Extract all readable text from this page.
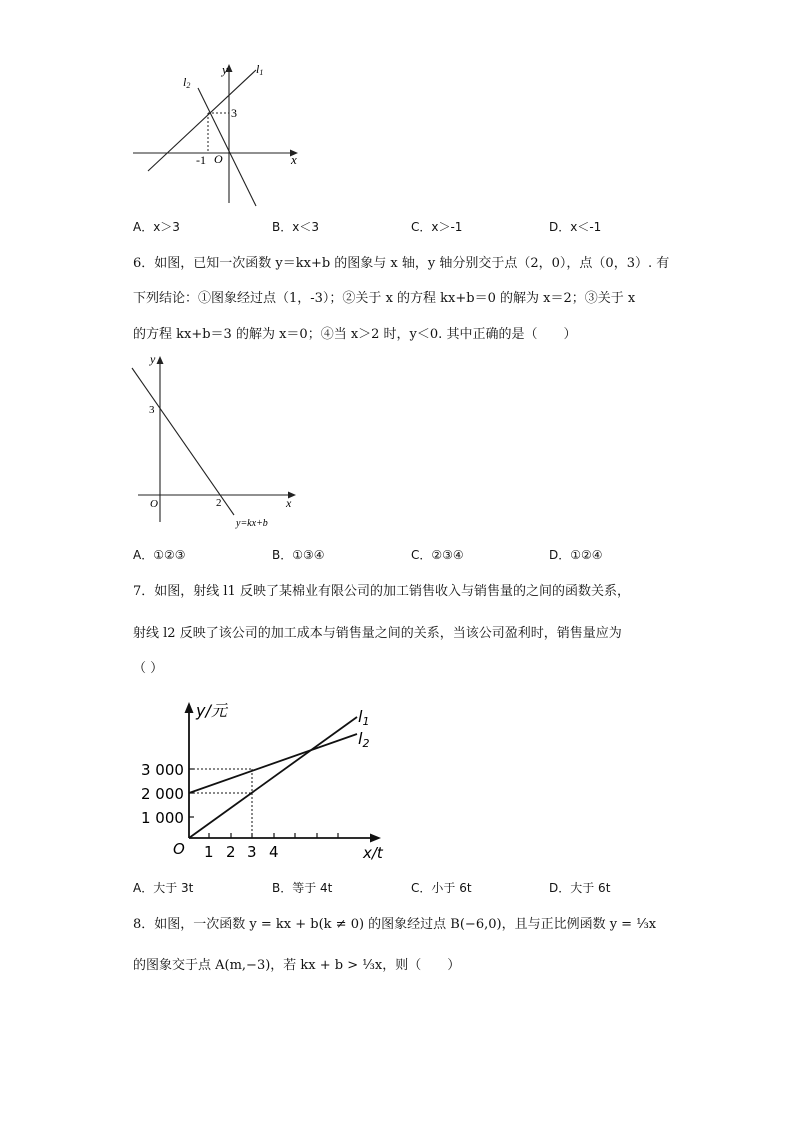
x
y
O
-1
3
l1
l2
A．x＞3	B．x＜3	C．x＞-1	D．x＜-1
6．如图，已知一次函数 y＝kx+b 的图象与 x 轴，y 轴分别交于点（2，0），点（0，3）. 有
下列结论：①图象经过点（1，-3）；②关于 x 的方程 kx+b＝0 的解为 x＝2；③关于 x
的方程 kx+b＝3 的解为 x＝0；④当 x＞2 时，y＜0. 其中正确的是（　　）
x
y
O	2
3
y=kx+b
A．①②③	B．①③④	C．②③④	D．①②④
7．如图，射线 l1 反映了某棉业有限公司的加工销售收入与销售量的之间的函数关系，
射线 l2 反映了该公司的加工成本与销售量之间的关系，当该公司盈利时，销售量应为
（ ）
y/元
x/t
O
3 000
2 000
1 000
1 2 3 4
l1
l2
A．大于 3t	B．等于 4t	C．小于 6t	D．大于 6t
8．如图，一次函数 y = kx + b(k ≠ 0) 的图象经过点 B(−6,0)，且与正比例函数 y = ⅓x
的图象交于点 A(m,−3)，若 kx + b > ⅓x，则（　　）
